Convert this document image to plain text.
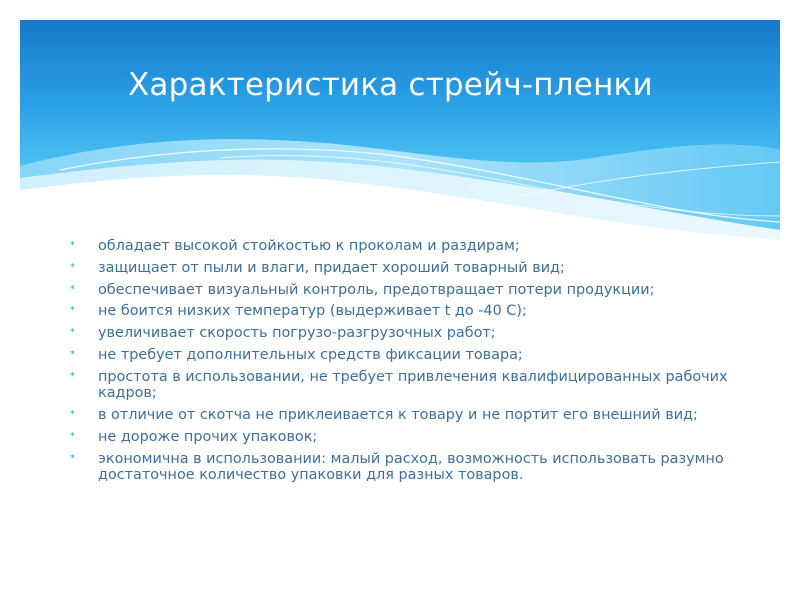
Характеристика стрейч-пленки
*	обладает высокой стойкостью к проколам и раздирам;
*	защищает от пыли и влаги, придает хороший товарный вид;
*	обеспечивает визуальный контроль, предотвращает потери продукции;
*	не боится низких температур (выдерживает t до -40 С);
*	увеличивает скорость погрузо-разгрузочных работ;
*	не требует дополнительных средств фиксации товара;
*	простота в использовании, не требует привлечения квалифицированных рабочих кадров;
*	в отличие от скотча не приклеивается к товару и не портит его внешний вид;
*	не дороже прочих упаковок;
*	экономична в использовании: малый расход, возможность использовать разумно достаточное количество упаковки для разных товаров.
